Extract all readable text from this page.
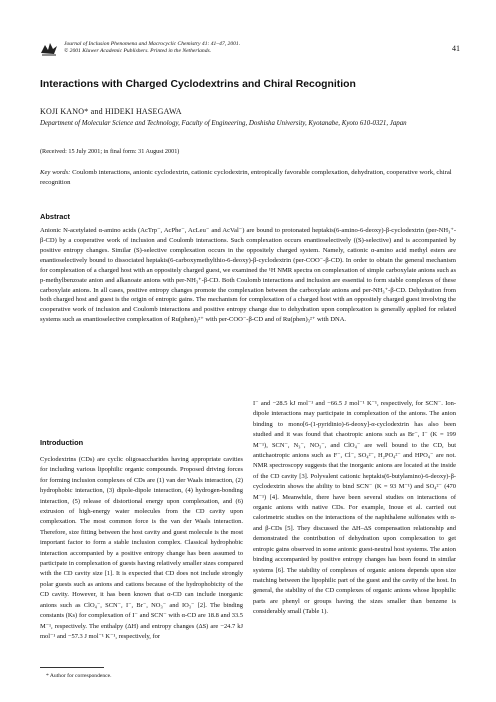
Journal of Inclusion Phenomena and Macrocyclic Chemistry 41: 41–47, 2001.
© 2001 Kluwer Academic Publishers. Printed in the Netherlands.	41
Interactions with Charged Cyclodextrins and Chiral Recognition
KOJI KANO* and HIDEKI HASEGAWA
Department of Molecular Science and Technology, Faculty of Engineering, Doshisha University, Kyotanabe, Kyoto 610-0321, Japan
(Received: 15 July 2001; in final form: 31 August 2001)
Key words: Coulomb interactions, anionic cyclodextrin, cationic cyclodextrin, entropically favorable complexation, dehydration, cooperative work, chiral recognition
Abstract
Anionic N-acetylated α-amino acids (AcTrp⁻, AcPhe⁻, AcLeu⁻ and AcVal⁻) are bound to protonated heptakis(6-amino-6-deoxy)-β-cyclodextrin (per-NH₃⁺-β-CD) by a cooperative work of inclusion and Coulomb interactions. Such complexation occurs enantioselectively ((S)-selective) and is accompanied by positive entropy changes. Similar (S)-selective complexation occurs in the oppositely charged system. Namely, cationic α-amino acid methyl esters are enantioselectively bound to dissociated heptakis(6-carboxymethylthio-6-deoxy)-β-cyclodextrin (per-COO⁻-β-CD). In order to obtain the general mechanism for complexation of a charged host with an oppositely charged guest, we examined the ¹H NMR spectra on complexation of simple carboxylate anions such as p-methylbenzoate anion and alkanoate anions with per-NH₃⁺-β-CD. Both Coulomb interactions and inclusion are essential to form stable complexes of these carboxylate anions. In all cases, positive entropy changes promote the complexation between the carboxylate anions and per-NH₃⁺-β-CD. Dehydration from both charged host and guest is the origin of entropic gains. The mechanism for complexation of a charged host with an oppositely charged guest involving the cooperative work of inclusion and Coulomb interactions and positive entropy change due to dehydration upon complexation is generally applied for related systems such as enantioselective complexation of Ru(phen)₃²⁺ with per-COO⁻-β-CD and of Ru(phen)₃²⁺ with DNA.
Introduction
Cyclodextrins (CDs) are cyclic oligosaccharides having appropriate cavities for including various lipophilic organic compounds. Proposed driving forces for forming inclusion complexes of CDs are (1) van der Waals interaction, (2) hydrophobic interaction, (3) dipole-dipole interaction, (4) hydrogen-bonding interaction, (5) release of distortional energy upon complexation, and (6) extrusion of high-energy water molecules from the CD cavity upon complexation. The most common force is the van der Waals interaction. Therefore, size fitting between the host cavity and guest molecule is the most important factor to form a stable inclusion complex. Classical hydrophobic interaction accompanied by a positive entropy change has been assumed to participate in complexation of guests having relatively smaller sizes compared with the CD cavity size [1]. It is expected that CD does not include strongly polar guests such as anions and cations because of the hydrophobicity of the CD cavity. However, it has been known that α-CD can include inorganic anions such as ClO₄⁻, SCN⁻, I⁻, Br⁻, NO₃⁻ and IO₃⁻ [2]. The binding constants (Ks) for complexation of I⁻ and SCN⁻ with α-CD are 18.8 and 33.5 M⁻¹, respectively. The enthalpy (ΔH) and entropy changes (ΔS) are −24.7 kJ mol⁻¹ and −57.3 J mol⁻¹ K⁻¹, respectively, for
I⁻ and −28.5 kJ mol⁻¹ and −66.5 J mol⁻¹ K⁻¹, respectively, for SCN⁻. Ion-dipole interactions may participate in complexation of the anions. The anion binding to mono[6-(1-pyridinio)-6-deoxy]-α-cyclodextrin has also been studied and it was found that chaotropic anions such as Br⁻, I⁻ (K = 199 M⁻¹), SCN⁻, N₃⁻, NO₃⁻, and ClO₄⁻ are well bound to the CD, but antichaotropic anions such as F⁻, Cl⁻, SO₄²⁻, H₂PO₄²⁻ and HPO₄⁻ are not. NMR spectroscopy suggests that the inorganic anions are located at the inside of the CD cavity [3]. Polyvalent cationic heptakis(6-butylamino)-6-deoxy)-β-cyclodextrin shows the ability to bind SCN⁻ (K = 93 M⁻¹) and SO₄²⁻ (470 M⁻¹) [4]. Meanwhile, there have been several studies on interactions of organic anions with native CDs. For example, Inoue et al. carried out calorimetric studies on the interactions of the naphthalene sulfonates with α- and β-CDs [5]. They discussed the ΔH–ΔS compensation relationship and demonstrated the contribution of dehydration upon complexation to get entropic gains observed in some anionic guest-neutral host systems. The anion binding accompanied by positive entropy changes has been found in similar systems [6]. The stability of complexes of organic anions depends upon size matching between the lipophilic part of the guest and the cavity of the host. In general, the stability of the CD complexes of organic anions whose lipophilic parts are phenyl or groups having the sizes smaller than benzene is considerably small (Table 1).
* Author for correspondence.
